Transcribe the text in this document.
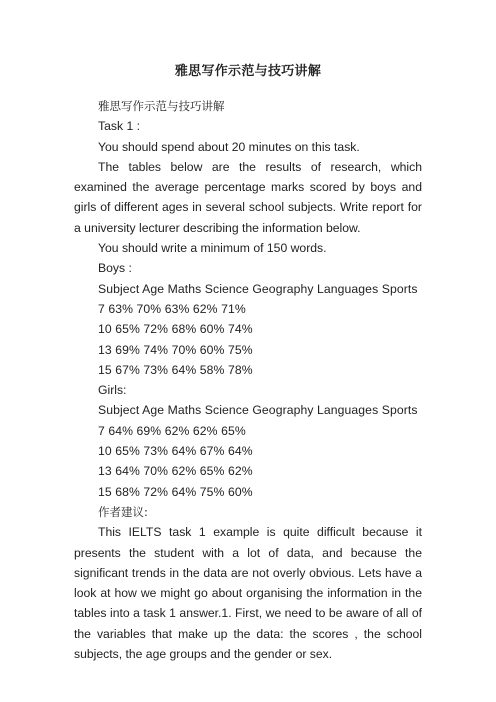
雅思写作示范与技巧讲解

雅思写作示范与技巧讲解

Task 1 :

You should spend about 20 minutes on this task.

The tables below are the results of research, which examined the average percentage marks scored by boys and girls of different ages in several school subjects. Write report for a university lecturer describing the information below.

You should write a minimum of 150 words.

Boys :

Subject Age Maths Science Geography Languages Sports

7 63% 70% 63% 62% 71%

10 65% 72% 68% 60% 74%

13 69% 74% 70% 60% 75%

15 67% 73% 64% 58% 78%

Girls:

Subject Age Maths Science Geography Languages Sports

7 64% 69% 62% 62% 65%

10 65% 73% 64% 67% 64%

13 64% 70% 62% 65% 62%

15 68% 72% 64% 75% 60%

作者建议:

This IELTS task 1 example is quite difficult because it presents the student with a lot of data, and because the significant trends in the data are not overly obvious. Lets have a look at how we might go about organising the information in the tables into a task 1 answer.1. First, we need to be aware of all of the variables that make up the data: the scores , the school subjects, the age groups and the gender or sex.
